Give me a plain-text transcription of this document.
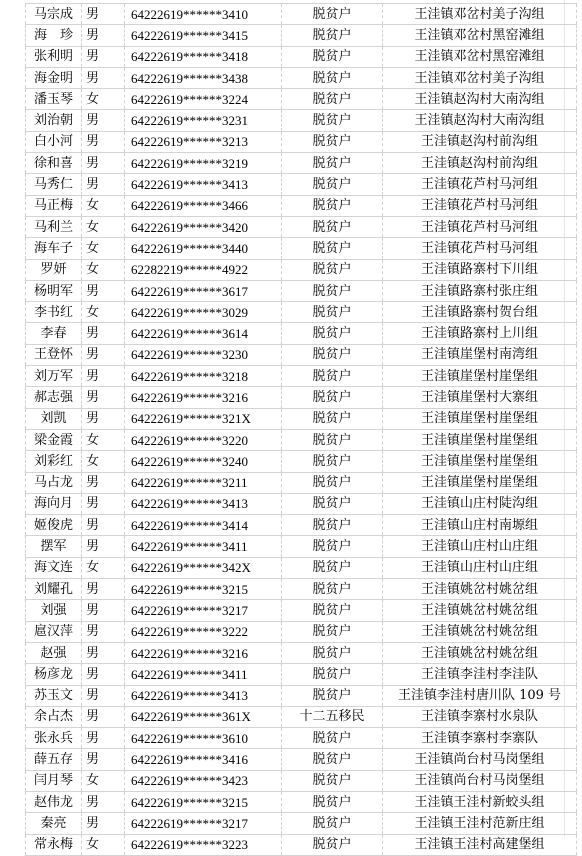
马宗成	男	64222619******3410	脱贫户	王洼镇邓岔村美子沟组
海　珍	男	64222619******3415	脱贫户	王洼镇邓岔村黑窑滩组
张利明	男	64222619******3418	脱贫户	王洼镇邓岔村黑窑滩组
海金明	男	64222619******3438	脱贫户	王洼镇邓岔村美子沟组
潘玉琴	女	64222619******3224	脱贫户	王洼镇赵沟村大南沟组
刘治朝	男	64222619******3231	脱贫户	王洼镇赵沟村大南沟组
白小河	男	64222619******3213	脱贫户	王洼镇赵沟村前沟组
徐和喜	男	64222619******3219	脱贫户	王洼镇赵沟村前沟组
马秀仁	男	64222619******3413	脱贫户	王洼镇花芦村马河组
马正梅	女	64222619******3466	脱贫户	王洼镇花芦村马河组
马利兰	女	64222619******3420	脱贫户	王洼镇花芦村马河组
海车子	女	64222619******3440	脱贫户	王洼镇花芦村马河组
罗妍	女	62282219******4922	脱贫户	王洼镇路寨村下川组
杨明军	男	64222619******3617	脱贫户	王洼镇路寨村张庄组
李书红	女	64222619******3029	脱贫户	王洼镇路寨村贺台组
李春	男	64222619******3614	脱贫户	王洼镇路寨村上川组
王登怀	男	64222619******3230	脱贫户	王洼镇崖堡村南湾组
刘万军	男	64222619******3218	脱贫户	王洼镇崖堡村崖堡组
郝志强	男	64222619******3216	脱贫户	王洼镇崖堡村大寨组
刘凯	男	64222619******321X	脱贫户	王洼镇崖堡村崖堡组
梁金霞	女	64222619******3220	脱贫户	王洼镇崖堡村崖堡组
刘彩红	女	64222619******3240	脱贫户	王洼镇崖堡村崖堡组
马占龙	男	64222619******3211	脱贫户	王洼镇崖堡村崖堡组
海向月	男	64222619******3413	脱贫户	王洼镇山庄村陡沟组
姬俊虎	男	64222619******3414	脱贫户	王洼镇山庄村南塬组
摆军	男	64222619******3411	脱贫户	王洼镇山庄村山庄组
海文连	女	64222619******342X	脱贫户	王洼镇山庄村山庄组
刘耀孔	男	64222619******3215	脱贫户	王洼镇姚岔村姚岔组
刘强	男	64222619******3217	脱贫户	王洼镇姚岔村姚岔组
扈汉萍	男	64222619******3222	脱贫户	王洼镇姚岔村姚岔组
赵强	男	64222619******3216	脱贫户	王洼镇姚岔村姚岔组
杨彦龙	男	64222619******3411	脱贫户	王洼镇李洼村李洼队
苏玉文	男	64222619******3413	脱贫户	王洼镇李洼村唐川队 109 号
余占杰	男	64222619******361X	十二五移民	王洼镇李寨村水泉队
张永兵	男	64222619******3610	脱贫户	王洼镇李寨村李寨队
薛五存	男	64222619******3416	脱贫户	王洼镇尚台村马岗堡组
闫月琴	女	64222619******3423	脱贫户	王洼镇尚台村马岗堡组
赵伟龙	男	64222619******3215	脱贫户	王洼镇王洼村新蛟头组
秦亮	男	64222619******3217	脱贫户	王洼镇王洼村范新庄组
常永梅	女	64222619******3223	脱贫户	王洼镇王洼村高建堡组
